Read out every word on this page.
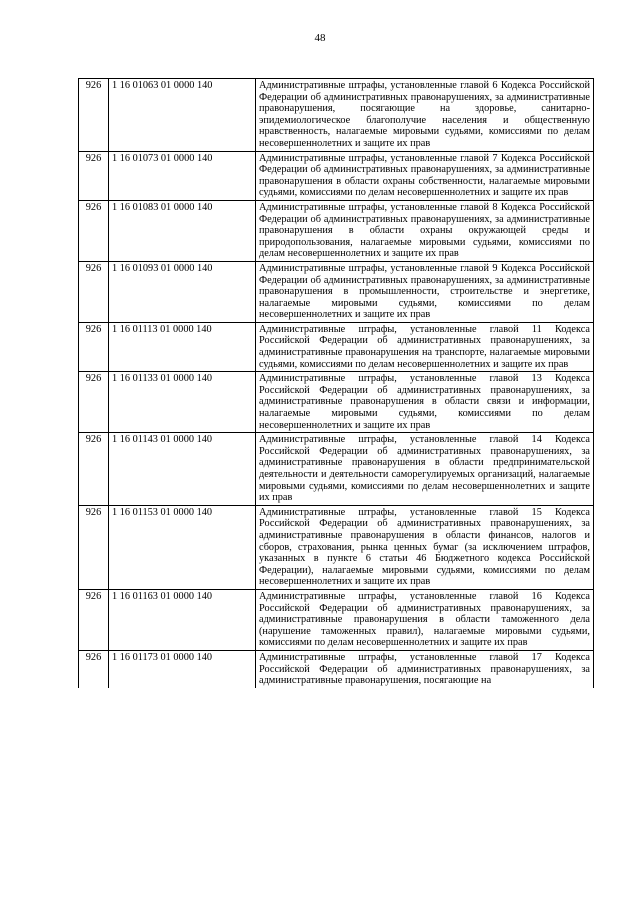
48
926	1 16 01063 01 0000 140	Административные штрафы, установленные главой 6 Кодекса Российской Федерации об административных правонарушениях, за административные правонарушения, посягающие на здоровье, санитарно-эпидемиологическое благополучие населения и общественную нравственность, налагаемые мировыми судьями, комиссиями по делам несовершеннолетних и защите их прав
926	1 16 01073 01 0000 140	Административные штрафы, установленные главой 7 Кодекса Российской Федерации об административных правонарушениях, за административные правонарушения в области охраны собственности, налагаемые мировыми судьями, комиссиями по делам несовершеннолетних и защите их прав
926	1 16 01083 01 0000 140	Административные штрафы, установленные главой 8 Кодекса Российской Федерации об административных правонарушениях, за административные правонарушения в области охраны окружающей среды и природопользования, налагаемые мировыми судьями, комиссиями по делам несовершеннолетних и защите их прав
926	1 16 01093 01 0000 140	Административные штрафы, установленные главой 9 Кодекса Российской Федерации об административных правонарушениях, за административные правонарушения в промышленности, строительстве и энергетике, налагаемые мировыми судьями, комиссиями по делам несовершеннолетних и защите их прав
926	1 16 01113 01 0000 140	Административные штрафы, установленные главой 11 Кодекса Российской Федерации об административных правонарушениях, за административные правонарушения на транспорте, налагаемые мировыми судьями, комиссиями по делам несовершеннолетних и защите их прав
926	1 16 01133 01 0000 140	Административные штрафы, установленные главой 13 Кодекса Российской Федерации об административных правонарушениях, за административные правонарушения в области связи и информации, налагаемые мировыми судьями, комиссиями по делам несовершеннолетних и защите их прав
926	1 16 01143 01 0000 140	Административные штрафы, установленные главой 14 Кодекса Российской Федерации об административных правонарушениях, за административные правонарушения в области предпринимательской деятельности и деятельности саморегулируемых организаций, налагаемые мировыми судьями, комиссиями по делам несовершеннолетних и защите их прав
926	1 16 01153 01 0000 140	Административные штрафы, установленные главой 15 Кодекса Российской Федерации об административных правонарушениях, за административные правонарушения в области финансов, налогов и сборов, страхования, рынка ценных бумаг (за исключением штрафов, указанных в пункте 6 статьи 46 Бюджетного кодекса Российской Федерации), налагаемые мировыми судьями, комиссиями по делам несовершеннолетних и защите их прав
926	1 16 01163 01 0000 140	Административные штрафы, установленные главой 16 Кодекса Российской Федерации об административных правонарушениях, за административные правонарушения в области таможенного дела (нарушение таможенных правил), налагаемые мировыми судьями, комиссиями по делам несовершеннолетних и защите их прав
926	1 16 01173 01 0000 140	Административные штрафы, установленные главой 17 Кодекса Российской Федерации об административных правонарушениях, за административные правонарушения, посягающие на
